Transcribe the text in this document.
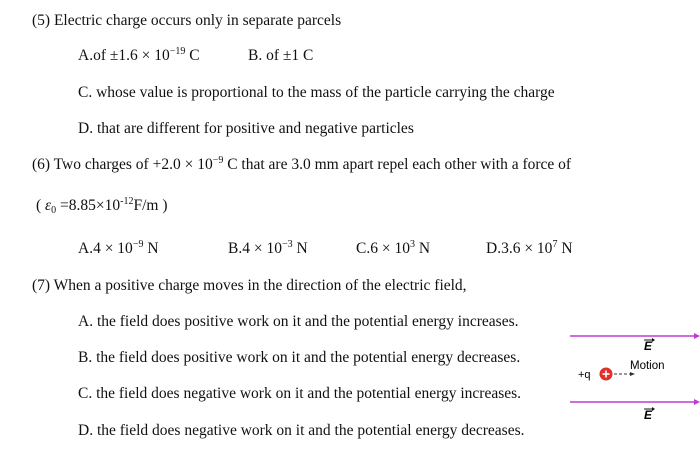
(5) Electric charge occurs only in separate parcels
$A.of \pm 1.6 \times 10^{-19}$ C	B. of ±1 C
C. whose value is proportional to the mass of the particle carrying the charge
D. that are different for positive and negative particles
(6) Two charges of $+2.0 \times 10^{-9}$ C that are 3.0 mm apart repel each other with a force of
( $\varepsilon_0 =8.85\times 10^{-12}F/m$ )
$A.4 \times 10^{-9}$ N	$B.4 \times 10^{-3}$ N	$C.6 \times 10^3$ N	$D.3.6 \times 10^7$ N
(7) When a positive charge moves in the direction of the electric field,
A. the field does positive work on it and the potential energy increases.
B. the field does positive work on it and the potential energy decreases.
C. the field does negative work on it and the potential energy increases.
D. the field does negative work on it and the potential energy decreases.
E
E
+q
Motion
